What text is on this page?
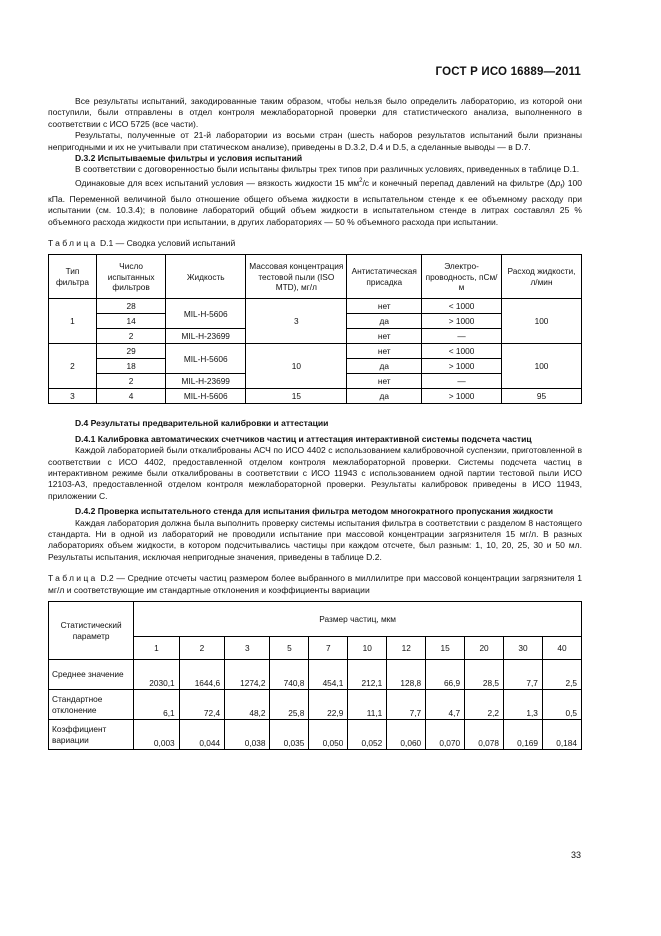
ГОСТ Р ИСО 16889—2011

Все результаты испытаний, закодированные таким образом, чтобы нельзя было определить лабораторию, из которой они поступили, были отправлены в отдел контроля межлабораторной проверки для статистического анализа, выполненного в соответствии с ИСО 5725 (все части).

Результаты, полученные от 21-й лаборатории из восьми стран (шесть наборов результатов испытаний были признаны непригодными и их не учитывали при статическом анализе), приведены в D.3.2, D.4 и D.5, а сделанные выводы — в D.7.

D.3.2 Испытываемые фильтры и условия испытаний

В соответствии с договоренностью были испытаны фильтры трех типов при различных условиях, приведенных в таблице D.1.

Одинаковые для всех испытаний условия — вязкость жидкости 15 $мм^2/с$ и конечный перепад давлений на фильтре $(\Delta p_f)$ 100 кПа. Переменной величиной было отношение общего объема жидкости в испытательном стенде к ее объемному расходу при испытании (см. 10.3.4); в половине лабораторий общий объем жидкости в испытательном стенде в литрах составлял 25 % объемного расхода жидкости при испытании, в других лабораториях — 50 % объемного расхода при испытании.

Таблица D.1 — Сводка условий испытаний

Тип фильтра	Число испытанных фильтров	Жидкость	Массовая концентрация тестовой пыли (ISO MTD), мг/л	Антистатическая присадка	Электро-проводность, пСм/м	Расход жидкости, л/мин
1	28	MIL-H-5606	3	нет	< 1000	100
	14			да	> 1000	
	2	MIL-H-23699		нет	—	
2	29	MIL-H-5606	10	нет	< 1000	100
	18			да	> 1000	
	2	MIL-H-23699		нет	—	
3	4	MIL-H-5606	15	да	> 1000	95

D.4 Результаты предварительной калибровки и аттестации

D.4.1 Калибровка автоматических счетчиков частиц и аттестация интерактивной системы подсчета частиц

Каждой лабораторией были откалиброваны АСЧ по ИСО 4402 с использованием калибровочной суспензии, приготовленной в соответствии с ИСО 4402, предоставленной отделом контроля межлабораторной проверки. Системы подсчета частиц в интерактивном режиме были откалиброваны в соответствии с ИСО 11943 с использованием одной партии тестовой пыли ИСО 12103-А3, предоставленной отделом контроля межлабораторной проверки. Результаты калибровок приведены в ИСО 11943, приложении С.

D.4.2 Проверка испытательного стенда для испытания фильтра методом многократного пропускания жидкости

Каждая лаборатория должна была выполнить проверку системы испытания фильтра в соответствии с разделом 8 настоящего стандарта. Ни в одной из лабораторий не проводили испытание при массовой концентрации загрязнителя 15 мг/л. В разных лабораториях объем жидкости, в котором подсчитывались частицы при каждом отсчете, был разным: 1, 10, 20, 25, 30 и 50 мл. Результаты испытания, исключая непригодные значения, приведены в таблице D.2.

Таблица D.2 — Средние отсчеты частиц размером более выбранного в миллилитре при массовой концентрации загрязнителя 1 мг/л и соответствующие им стандартные отклонения и коэффициенты вариации

Статистический параметр	Размер частиц, мкм										
	1	2	3	5	7	10	12	15	20	30	40
Среднее значение	2030,1	1644,6	1274,2	740,8	454,1	212,1	128,8	66,9	28,5	7,7	2,5
Стандартное отклонение	6,1	72,4	48,2	25,8	22,9	11,1	7,7	4,7	2,2	1,3	0,5
Коэффициент вариации	0,003	0,044	0,038	0,035	0,050	0,052	0,060	0,070	0,078	0,169	0,184
33
